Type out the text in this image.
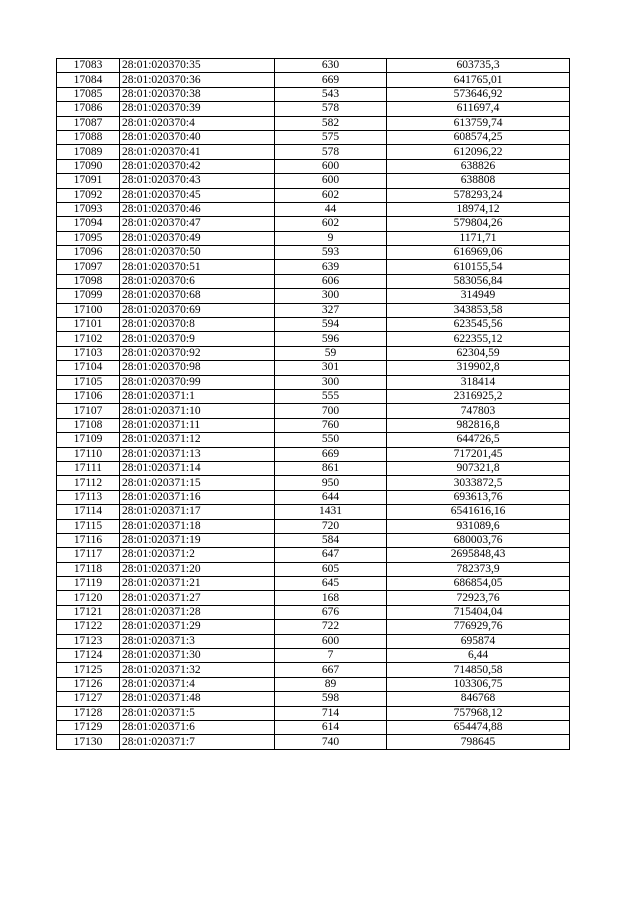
17083	28:01:020370:35	630	603735,3
17084	28:01:020370:36	669	641765,01
17085	28:01:020370:38	543	573646,92
17086	28:01:020370:39	578	611697,4
17087	28:01:020370:4	582	613759,74
17088	28:01:020370:40	575	608574,25
17089	28:01:020370:41	578	612096,22
17090	28:01:020370:42	600	638826
17091	28:01:020370:43	600	638808
17092	28:01:020370:45	602	578293,24
17093	28:01:020370:46	44	18974,12
17094	28:01:020370:47	602	579804,26
17095	28:01:020370:49	9	1171,71
17096	28:01:020370:50	593	616969,06
17097	28:01:020370:51	639	610155,54
17098	28:01:020370:6	606	583056,84
17099	28:01:020370:68	300	314949
17100	28:01:020370:69	327	343853,58
17101	28:01:020370:8	594	623545,56
17102	28:01:020370:9	596	622355,12
17103	28:01:020370:92	59	62304,59
17104	28:01:020370:98	301	319902,8
17105	28:01:020370:99	300	318414
17106	28:01:020371:1	555	2316925,2
17107	28:01:020371:10	700	747803
17108	28:01:020371:11	760	982816,8
17109	28:01:020371:12	550	644726,5
17110	28:01:020371:13	669	717201,45
17111	28:01:020371:14	861	907321,8
17112	28:01:020371:15	950	3033872,5
17113	28:01:020371:16	644	693613,76
17114	28:01:020371:17	1431	6541616,16
17115	28:01:020371:18	720	931089,6
17116	28:01:020371:19	584	680003,76
17117	28:01:020371:2	647	2695848,43
17118	28:01:020371:20	605	782373,9
17119	28:01:020371:21	645	686854,05
17120	28:01:020371:27	168	72923,76
17121	28:01:020371:28	676	715404,04
17122	28:01:020371:29	722	776929,76
17123	28:01:020371:3	600	695874
17124	28:01:020371:30	7	6,44
17125	28:01:020371:32	667	714850,58
17126	28:01:020371:4	89	103306,75
17127	28:01:020371:48	598	846768
17128	28:01:020371:5	714	757968,12
17129	28:01:020371:6	614	654474,88
17130	28:01:020371:7	740	798645
